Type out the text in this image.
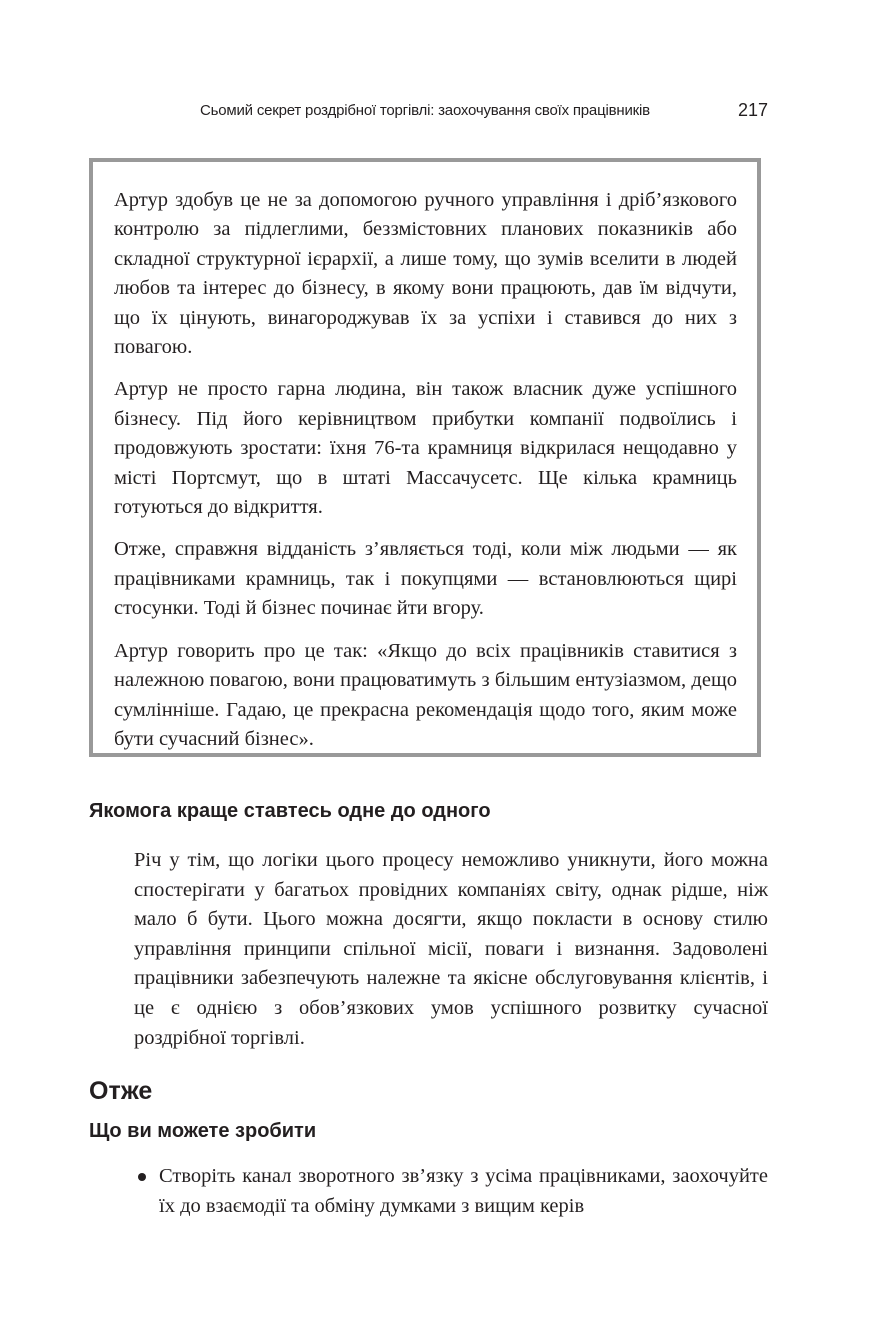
Сьомий секрет роздрібної торгівлі: заохочування своїх працівників	217

Артур здобув це не за допомогою ручного управління і дріб’язкового контролю за підлеглими, беззмістовних планових показників або складної структурної ієрархії, а лише тому, що зумів вселити в людей любов та інтерес до бізнесу, в якому вони працюють, дав їм відчути, що їх цінують, винагороджував їх за успіхи і ставився до них з повагою.

Артур не просто гарна людина, він також власник дуже успішного бізнесу. Під його керівництвом прибутки компанії подвоїлись і продовжують зростати: їхня 76-та крамниця відкрилася нещодавно у місті Портсмут, що в штаті Массачусетс. Ще кілька крамниць готуються до відкриття.

Отже, справжня відданість з’являється тоді, коли між людьми — як працівниками крамниць, так і покупцями — встановлюються щирі стосунки. Тоді й бізнес починає йти вгору.

Артур говорить про це так: «Якщо до всіх працівників ставитися з належною повагою, вони працюватимуть з більшим ентузіазмом, дещо сумлінніше. Гадаю, це прекрасна рекомендація щодо того, яким може бути сучасний бізнес».

Якомога краще ставтесь одне до одного

Річ у тім, що логіки цього процесу неможливо уникнути, його можна спостерігати у багатьох провідних компаніях світу, однак рідше, ніж мало б бути. Цього можна досягти, якщо покласти в основу стилю управління принципи спільної місії, поваги і визнання. Задоволені працівники забезпечують належне та якісне обслуговування клієнтів, і це є однією з обов’язкових умов успішного розвитку сучасної роздрібної торгівлі.

Отже
Що ви можете зробити
Створіть канал зворотного зв’язку з усіма працівниками, заохочуйте їх до взаємодії та обміну думками з вищим керів
